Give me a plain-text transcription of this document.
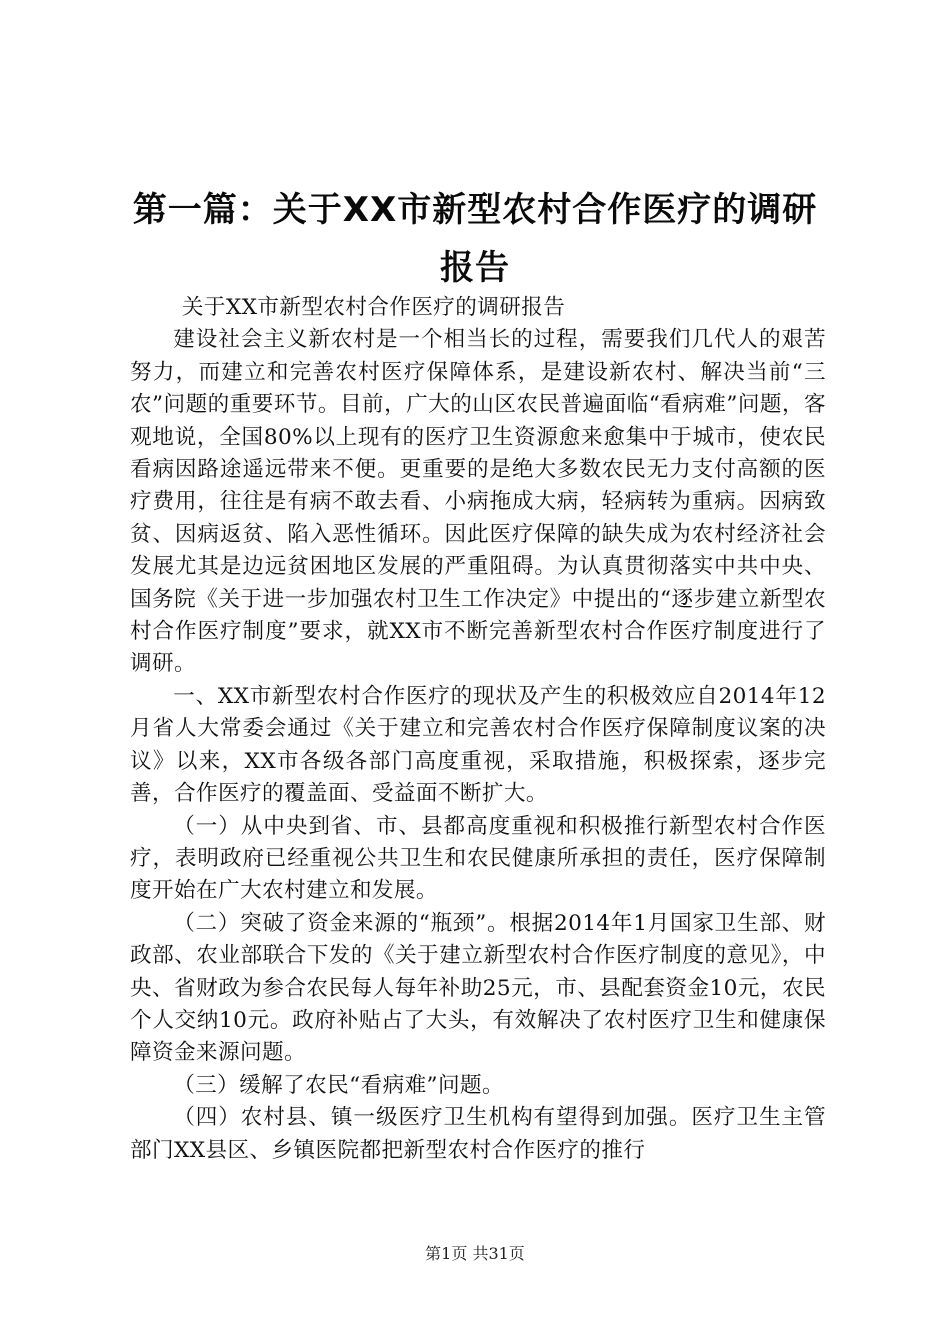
第一篇：关于XX市新型农村合作医疗的调研
报告

关于XX市新型农村合作医疗的调研报告

建设社会主义新农村是一个相当长的过程，需要我们几代人的艰苦努力，而建立和完善农村医疗保障体系，是建设新农村、解决当前“三农”问题的重要环节。目前，广大的山区农民普遍面临“看病难”问题，客观地说，全国80%以上现有的医疗卫生资源愈来愈集中于城市，使农民看病因路途遥远带来不便。更重要的是绝大多数农民无力支付高额的医疗费用，往往是有病不敢去看、小病拖成大病，轻病转为重病。因病致贫、因病返贫、陷入恶性循环。因此医疗保障的缺失成为农村经济社会发展尤其是边远贫困地区发展的严重阻碍。为认真贯彻落实中共中央、国务院《关于进一步加强农村卫生工作决定》中提出的“逐步建立新型农村合作医疗制度”要求，就XX市不断完善新型农村合作医疗制度进行了调研。

一、XX市新型农村合作医疗的现状及产生的积极效应自2014年12月省人大常委会通过《关于建立和完善农村合作医疗保障制度议案的决议》以来，XX市各级各部门高度重视，采取措施，积极探索，逐步完善，合作医疗的覆盖面、受益面不断扩大。

（一）从中央到省、市、县都高度重视和积极推行新型农村合作医疗，表明政府已经重视公共卫生和农民健康所承担的责任，医疗保障制度开始在广大农村建立和发展。

（二）突破了资金来源的“瓶颈”。根据2014年1月国家卫生部、财政部、农业部联合下发的《关于建立新型农村合作医疗制度的意见》，中央、省财政为参合农民每人每年补助25元，市、县配套资金10元，农民个人交纳10元。政府补贴占了大头，有效解决了农村医疗卫生和健康保障资金来源问题。

（三）缓解了农民“看病难”问题。

（四）农村县、镇一级医疗卫生机构有望得到加强。医疗卫生主管部门XX县区、乡镇医院都把新型农村合作医疗的推行

第1页 共31页
